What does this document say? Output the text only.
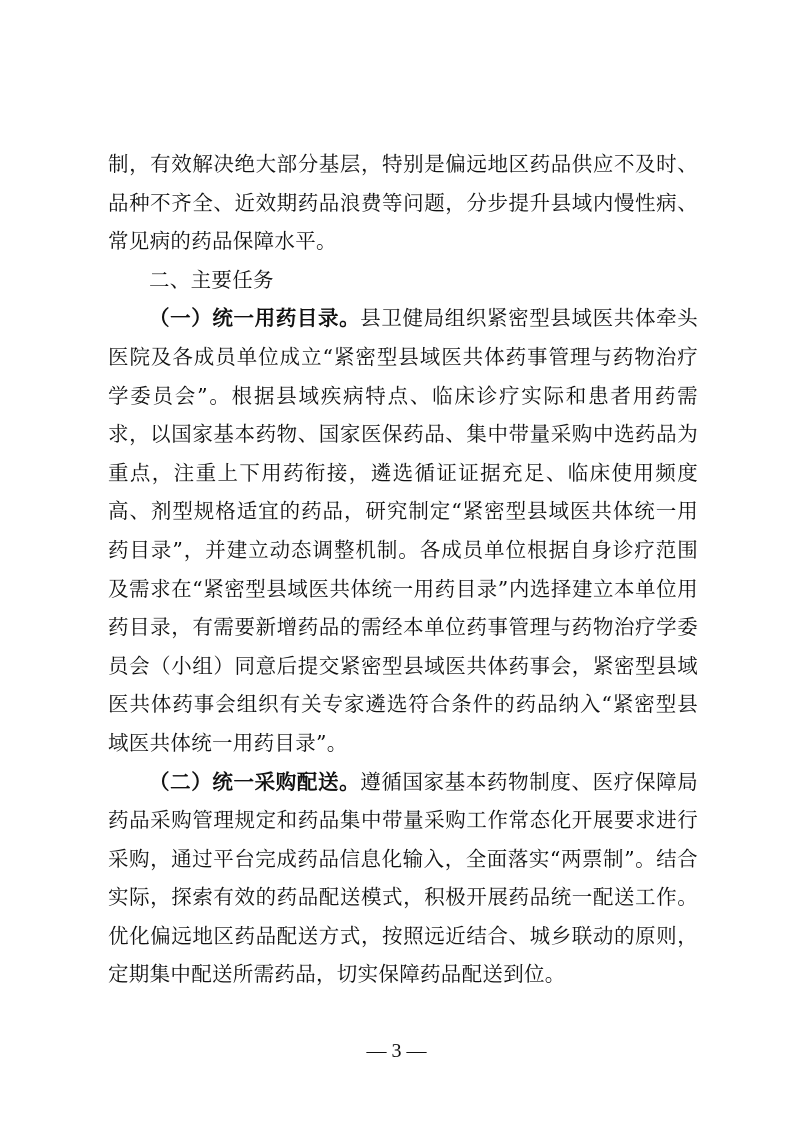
制，有效解决绝大部分基层，特别是偏远地区药品供应不及时、品种不齐全、近效期药品浪费等问题，分步提升县域内慢性病、常见病的药品保障水平。

二、主要任务

（一）统一用药目录。县卫健局组织紧密型县域医共体牵头医院及各成员单位成立“紧密型县域医共体药事管理与药物治疗学委员会”。根据县域疾病特点、临床诊疗实际和患者用药需求，以国家基本药物、国家医保药品、集中带量采购中选药品为重点，注重上下用药衔接，遴选循证证据充足、临床使用频度高、剂型规格适宜的药品，研究制定“紧密型县域医共体统一用药目录”，并建立动态调整机制。各成员单位根据自身诊疗范围及需求在“紧密型县域医共体统一用药目录”内选择建立本单位用药目录，有需要新增药品的需经本单位药事管理与药物治疗学委员会（小组）同意后提交紧密型县域医共体药事会，紧密型县域医共体药事会组织有关专家遴选符合条件的药品纳入“紧密型县域医共体统一用药目录”。

（二）统一采购配送。遵循国家基本药物制度、医疗保障局药品采购管理规定和药品集中带量采购工作常态化开展要求进行采购，通过平台完成药品信息化输入，全面落实“两票制”。结合实际，探索有效的药品配送模式，积极开展药品统一配送工作。优化偏远地区药品配送方式，按照远近结合、城乡联动的原则，定期集中配送所需药品，切实保障药品配送到位。

— 3 —
